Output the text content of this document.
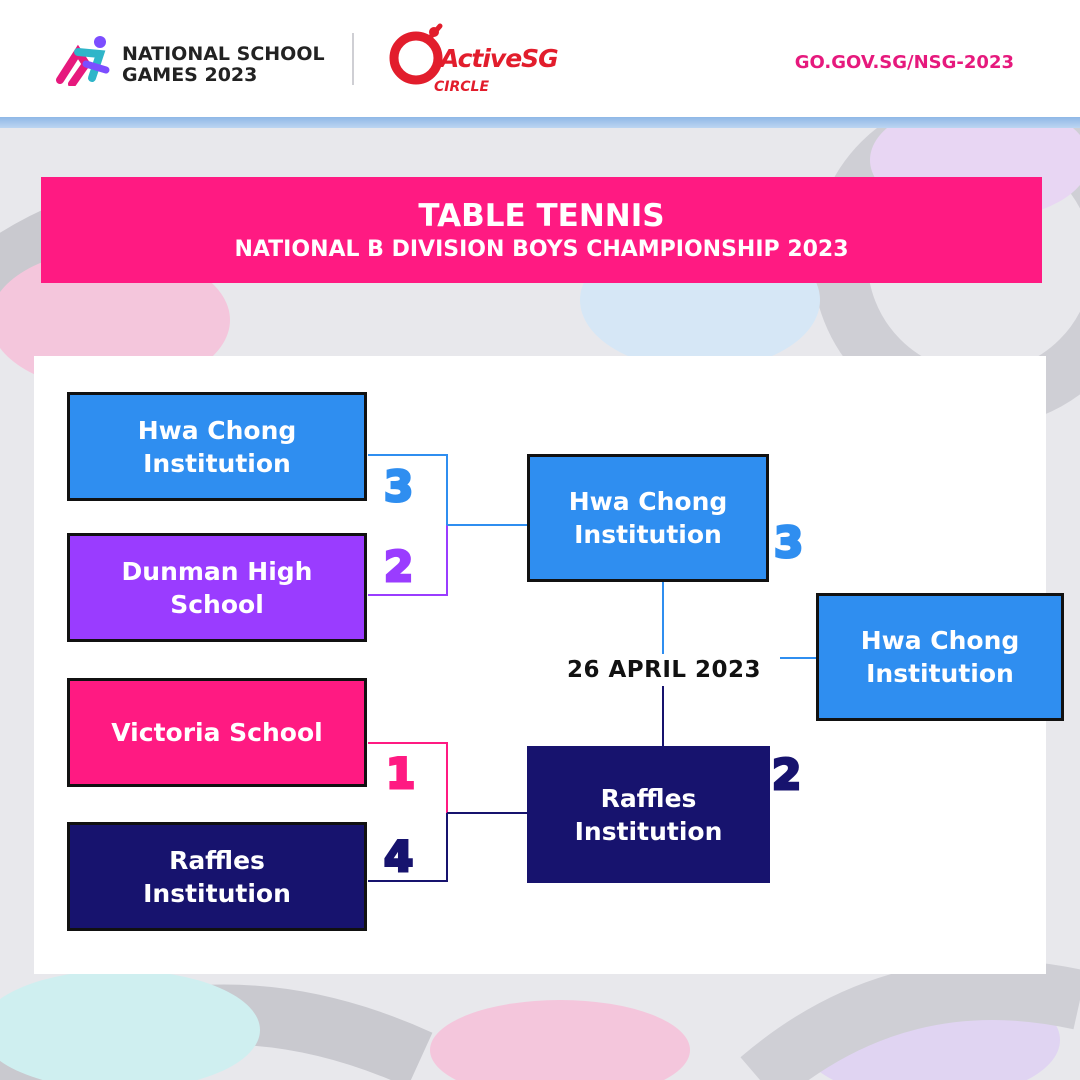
NATIONAL SCHOOL
GAMES 2023
ActiveSG
CIRCLE
GO.GOV.SG/NSG-2023
TABLE TENNIS
NATIONAL B DIVISION BOYS CHAMPIONSHIP 2023
Hwa Chong
Institution	3
Dunman High
School
2
Victoria School
1
Raffles
Institution
4
Hwa Chong
Institution	3
26 APRIL 2023
Raffles
Institution
2
Hwa Chong
Institution
